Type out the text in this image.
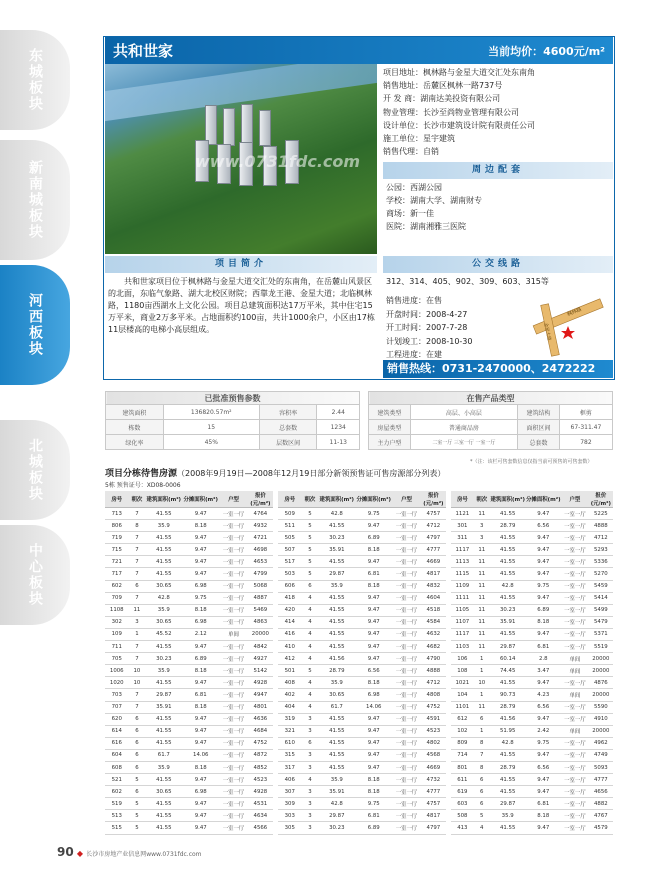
东城板块
新南城板块
河西板块
北城板块
中心板块
共和世家	当前均价：4600元/m²
www.0731fdc.com
项目地址：枫林路与金星大道交汇处东南角
销售地址：岳麓区枫林一路737号
开 发 商：湖南达美投资有限公司
物业管理：长沙至尚物业管理有限公司
设计单位：长沙市建筑设计院有限责任公司
施工单位：星宇建筑
销售代理：自销
周边配套
公园：西湖公园
学校：湖南大学、湖南财专
商场：新一佳
医院：湖南湘雅三医院
项目简介
共和世家项目位于枫林路与金星大道交汇处的东南角，在岳麓山风景区的北面，东临气象路、湖大北校区财院；西靠龙王港、金星大道；北临枫林路，1180亩西湖水上文化公园。项目总建筑面积达17万平米，其中住宅15万平米，商业2万多平米。占地面积约100亩，共计1000余户，小区由17栋11层楼高的电梯小高层组成。
公交线路
312、314、405、902、309、603、315等
销售进度：在售
开盘时间：2008-4-27
开工时间：2007-7-28
计划竣工：2008-10-30
工程进度：在建
枫林路
金星大道
销售热线：0731-2470000、2472222
已批准预售参数			
建筑面积	136820.57m²	容积率	2.44
栋数	15	总套数	1234
绿化率	45%	层数区间	11-13
在售产品类型			
建筑类型	高层、小高层	建筑结构	框剪
房屋类型	普通商品房	面积区间	67-311.47
主力户型	二室一厅 三室一厅 一室一厅	总套数	782
*（注：该栏可售套数信息仅指当前可预售的可售套数）
项目分栋待售房源（2008年9月19日—2008年12月19日部分新领预售证可售房源部分列表）
5栋 预售证号：XD08-0006
房号	朝次	建筑面积(m²)	分摊面积(m²)	户型	报价(元/m²)
713	7	41.55	9.47	一室一厅	4764
806	8	35.9	8.18	一室一厅	4932
719	7	41.55	9.47	一室一厅	4721
715	7	41.55	9.47	一室一厅	4698
721	7	41.55	9.47	一室一厅	4653
717	7	41.55	9.47	一室一厅	4799
602	6	30.65	6.98	一室一厅	5068
709	7	42.8	9.75	一室一厅	4887
1108	11	35.9	8.18	一室一厅	5469
302	3	30.65	6.98	一室一厅	4863
109	1	45.52	2.12	单间	20000
711	7	41.55	9.47	一室一厅	4842
705	7	30.23	6.89	一室一厅	4927
1006	10	35.9	8.18	一室一厅	5142
1020	10	41.55	9.47	一室一厅	4928
703	7	29.87	6.81	一室一厅	4947
707	7	35.91	8.18	一室一厅	4801
620	6	41.55	9.47	一室一厅	4636
614	6	41.55	9.47	一室一厅	4684
616	6	41.55	9.47	一室一厅	4752
604	6	61.7	14.06	一室一厅	4872
608	6	35.9	8.18	一室一厅	4852
521	5	41.55	9.47	一室一厅	4523
602	6	30.65	6.98	一室一厅	4928
519	5	41.55	9.47	一室一厅	4531
513	5	41.55	9.47	一室一厅	4634
515	5	41.55	9.47	一室一厅	4566
房号	朝次	建筑面积(m²)	分摊面积(m²)	户型	报价(元/m²)
509	5	42.8	9.75	一室一厅	4757
511	5	41.55	9.47	一室一厅	4712
505	5	30.23	6.89	一室一厅	4797
507	5	35.91	8.18	一室一厅	4777
517	5	41.55	9.47	一室一厅	4669
503	5	29.87	6.81	一室一厅	4817
606	6	35.9	8.18	一室一厅	4832
418	4	41.55	9.47	一室一厅	4604
420	4	41.55	9.47	一室一厅	4518
414	4	41.55	9.47	一室一厅	4584
416	4	41.55	9.47	一室一厅	4632
410	4	41.55	9.47	一室一厅	4682
412	4	41.56	9.47	一室一厅	4790
501	5	28.79	6.56	一室一厅	4888
408	4	35.9	8.18	一室一厅	4712
402	4	30.65	6.98	一室一厅	4808
404	4	61.7	14.06	一室一厅	4752
319	3	41.55	9.47	一室一厅	4591
321	3	41.55	9.47	一室一厅	4523
610	6	41.55	9.47	一室一厅	4802
315	3	41.55	9.47	一室一厅	4568
317	3	41.55	9.47	一室一厅	4669
406	4	35.9	8.18	一室一厅	4732
307	3	35.91	8.18	一室一厅	4777
309	3	42.8	9.75	一室一厅	4757
303	3	29.87	6.81	一室一厅	4817
305	3	30.23	6.89	一室一厅	4797
房号	朝次	建筑面积(m²)	分摊面积(m²)	户型	报价(元/m²)
1121	11	41.55	9.47	一室一厅	5225
301	3	28.79	6.56	一室一厅	4888
311	3	41.55	9.47	一室一厅	4712
1117	11	41.55	9.47	一室一厅	5293
1113	11	41.55	9.47	一室一厅	5336
1115	11	41.55	9.47	一室一厅	5270
1109	11	42.8	9.75	一室一厅	5459
1111	11	41.55	9.47	一室一厅	5414
1105	11	30.23	6.89	一室一厅	5499
1107	11	35.91	8.18	一室一厅	5479
1117	11	41.55	9.47	一室一厅	5371
1103	11	29.87	6.81	一室一厅	5519
106	1	60.14	2.8	单间	20000
108	1	74.45	3.47	单间	20000
1021	10	41.55	9.47	一室一厅	4876
104	1	90.73	4.23	单间	20000
1101	11	28.79	6.56	一室一厅	5590
612	6	41.56	9.47	一室一厅	4910
102	1	51.95	2.42	单间	20000
809	8	42.8	9.75	一室一厅	4962
714	7	41.55	9.47	一室一厅	4749
801	8	28.79	6.56	一室一厅	5093
611	6	41.55	9.47	一室一厅	4777
619	6	41.55	9.47	一室一厅	4656
603	6	29.87	6.81	一室一厅	4882
508	5	35.9	8.18	一室一厅	4767
413	4	41.55	9.47	一室一厅	4579
90 ◆ 长沙市房地产业信息网www.0731fdc.com
